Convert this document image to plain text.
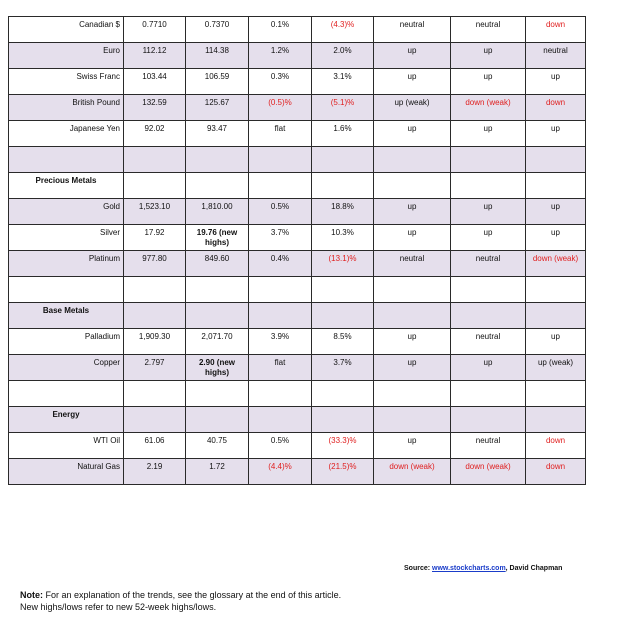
Canadian $	0.7710	0.7370	0.1%	(4.3)%	neutral	neutral	down
Euro	112.12	114.38	1.2%	2.0%	up	up	neutral
Swiss Franc	103.44	106.59	0.3%	3.1%	up	up	up
British Pound	132.59	125.67	(0.5)%	(5.1)%	up (weak)	down (weak)	down
Japanese Yen	92.02	93.47	flat	1.6%	up	up	up

Precious Metals							
Gold	1,523.10	1,810.00	0.5%	18.8%	up	up	up
Silver	17.92	19.76 (new highs)	3.7%	10.3%	up	up	up
Platinum	977.80	849.60	0.4%	(13.1)%	neutral	neutral	down (weak)

Base Metals							
Palladium	1,909.30	2,071.70	3.9%	8.5%	up	neutral	up
Copper	2.797	2.90 (new highs)	flat	3.7%	up	up	up (weak)

Energy							
WTI Oil	61.06	40.75	0.5%	(33.3)%	up	neutral	down
Natural Gas	2.19	1.72	(4.4)%	(21.5)%	down (weak)	down (weak)	down
Source: www.stockcharts.com, David Chapman
Note: For an explanation of the trends, see the glossary at the end of this article.
New highs/lows refer to new 52-week highs/lows.
